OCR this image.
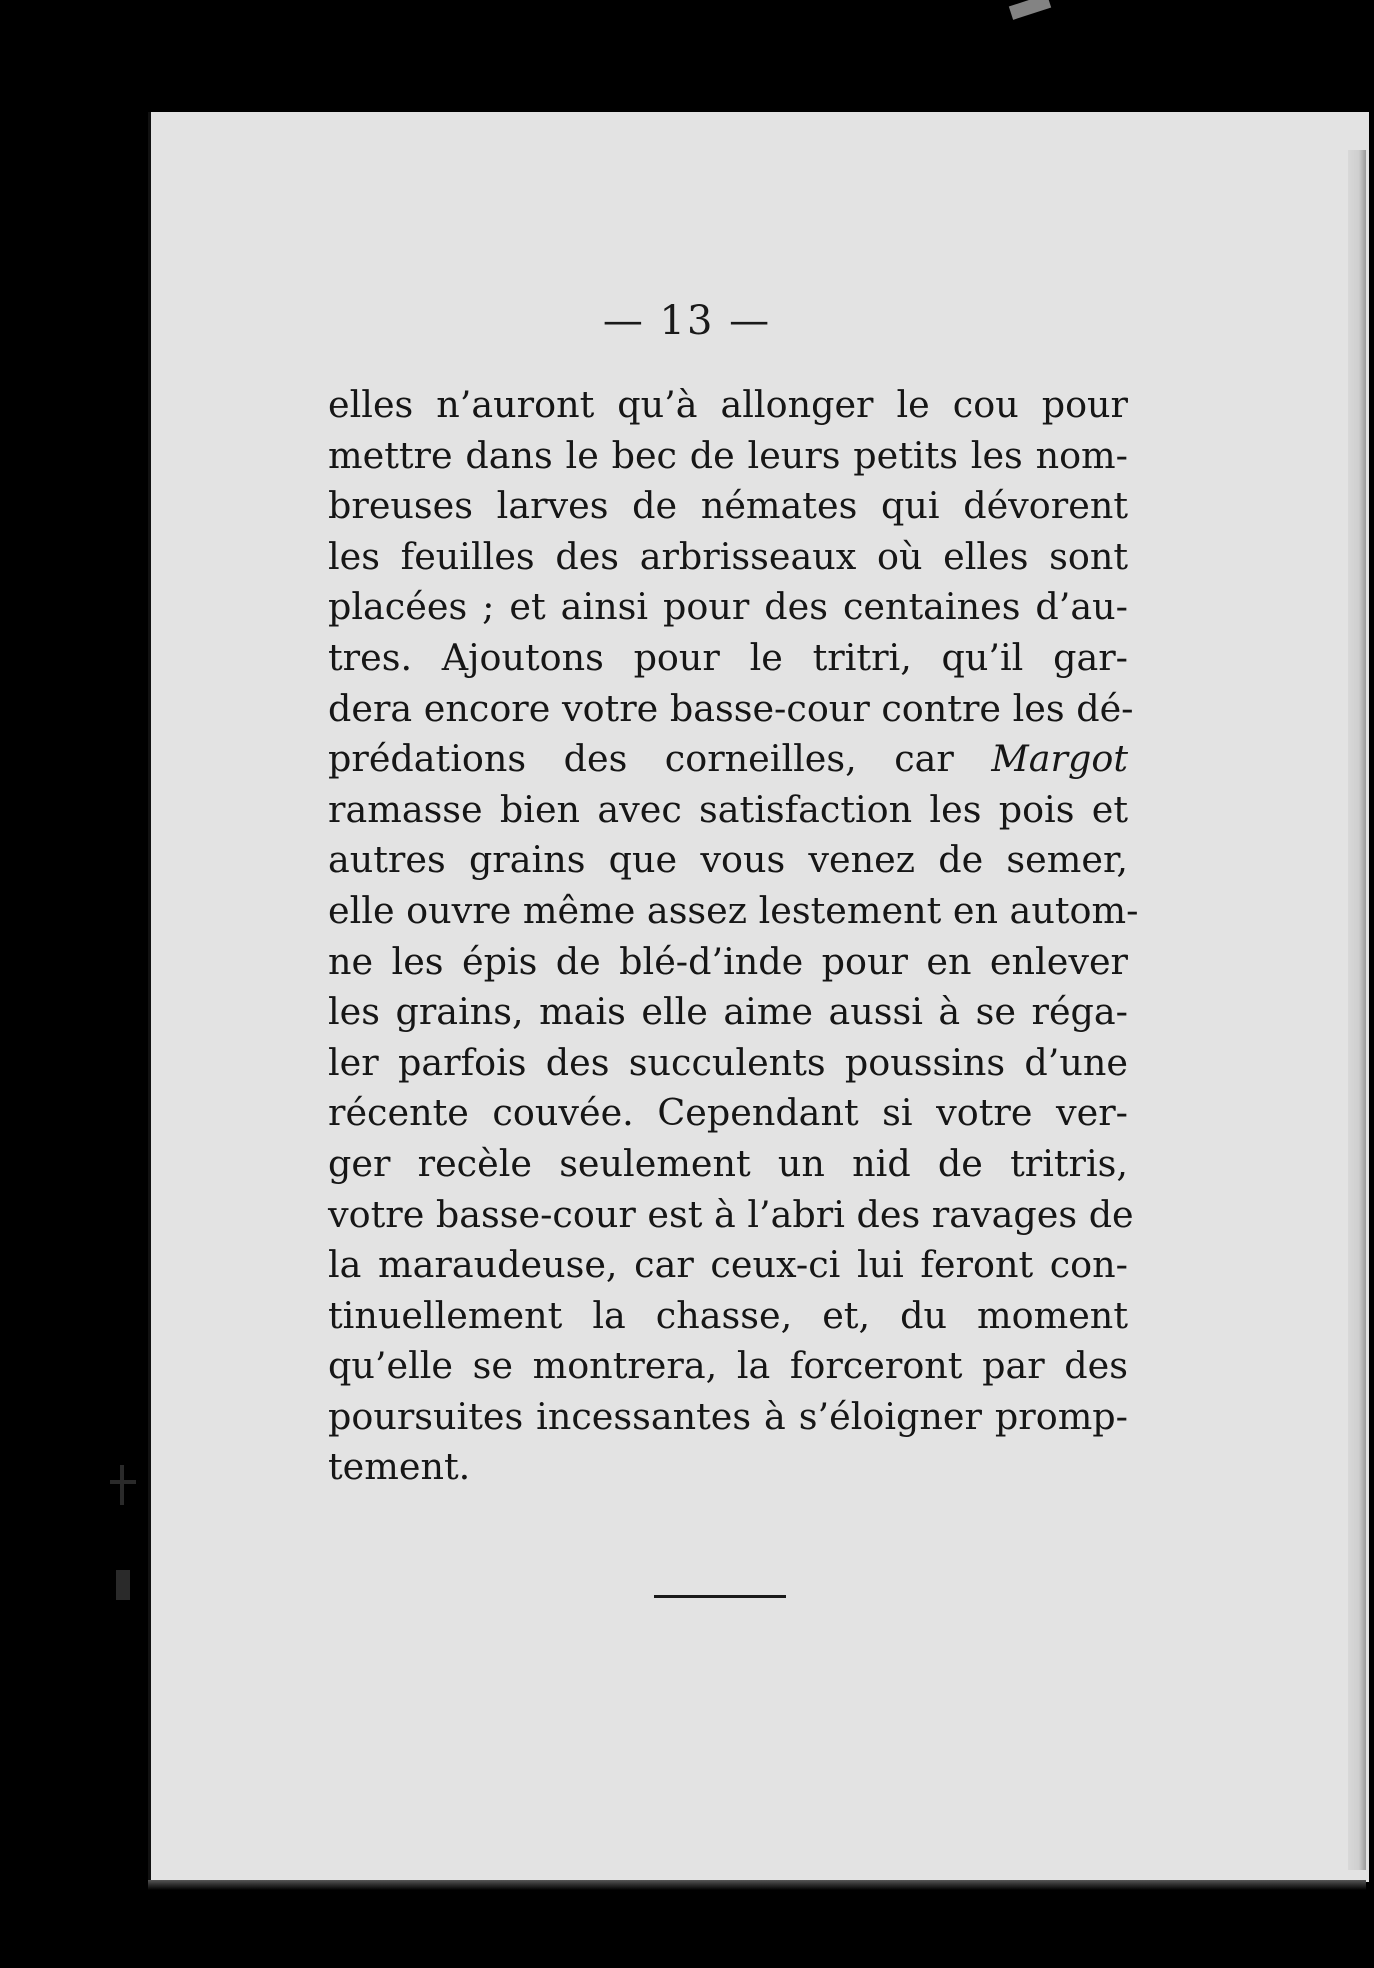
— 13 —
elles n’auront qu’à allonger le cou pour
mettre dans le bec de leurs petits les nom-
breuses larves de némates qui dévorent
les feuilles des arbrisseaux où elles sont
placées ; et ainsi pour des centaines d’au-
tres. Ajoutons pour le tritri, qu’il gar-
dera encore votre basse-cour contre les dé-
prédations des corneilles, car Margot
ramasse bien avec satisfaction les pois et
autres grains que vous venez de semer,
elle ouvre même assez lestement en autom-
ne les épis de blé-d’inde pour en enlever
les grains, mais elle aime aussi à se réga-
ler parfois des succulents poussins d’une
récente couvée. Cependant si votre ver-
ger recèle seulement un nid de tritris,
votre basse-cour est à l’abri des ravages de
la maraudeuse, car ceux-ci lui feront con-
tinuellement la chasse, et, du moment
qu’elle se montrera, la forceront par des
poursuites incessantes à s’éloigner promp-
tement.
